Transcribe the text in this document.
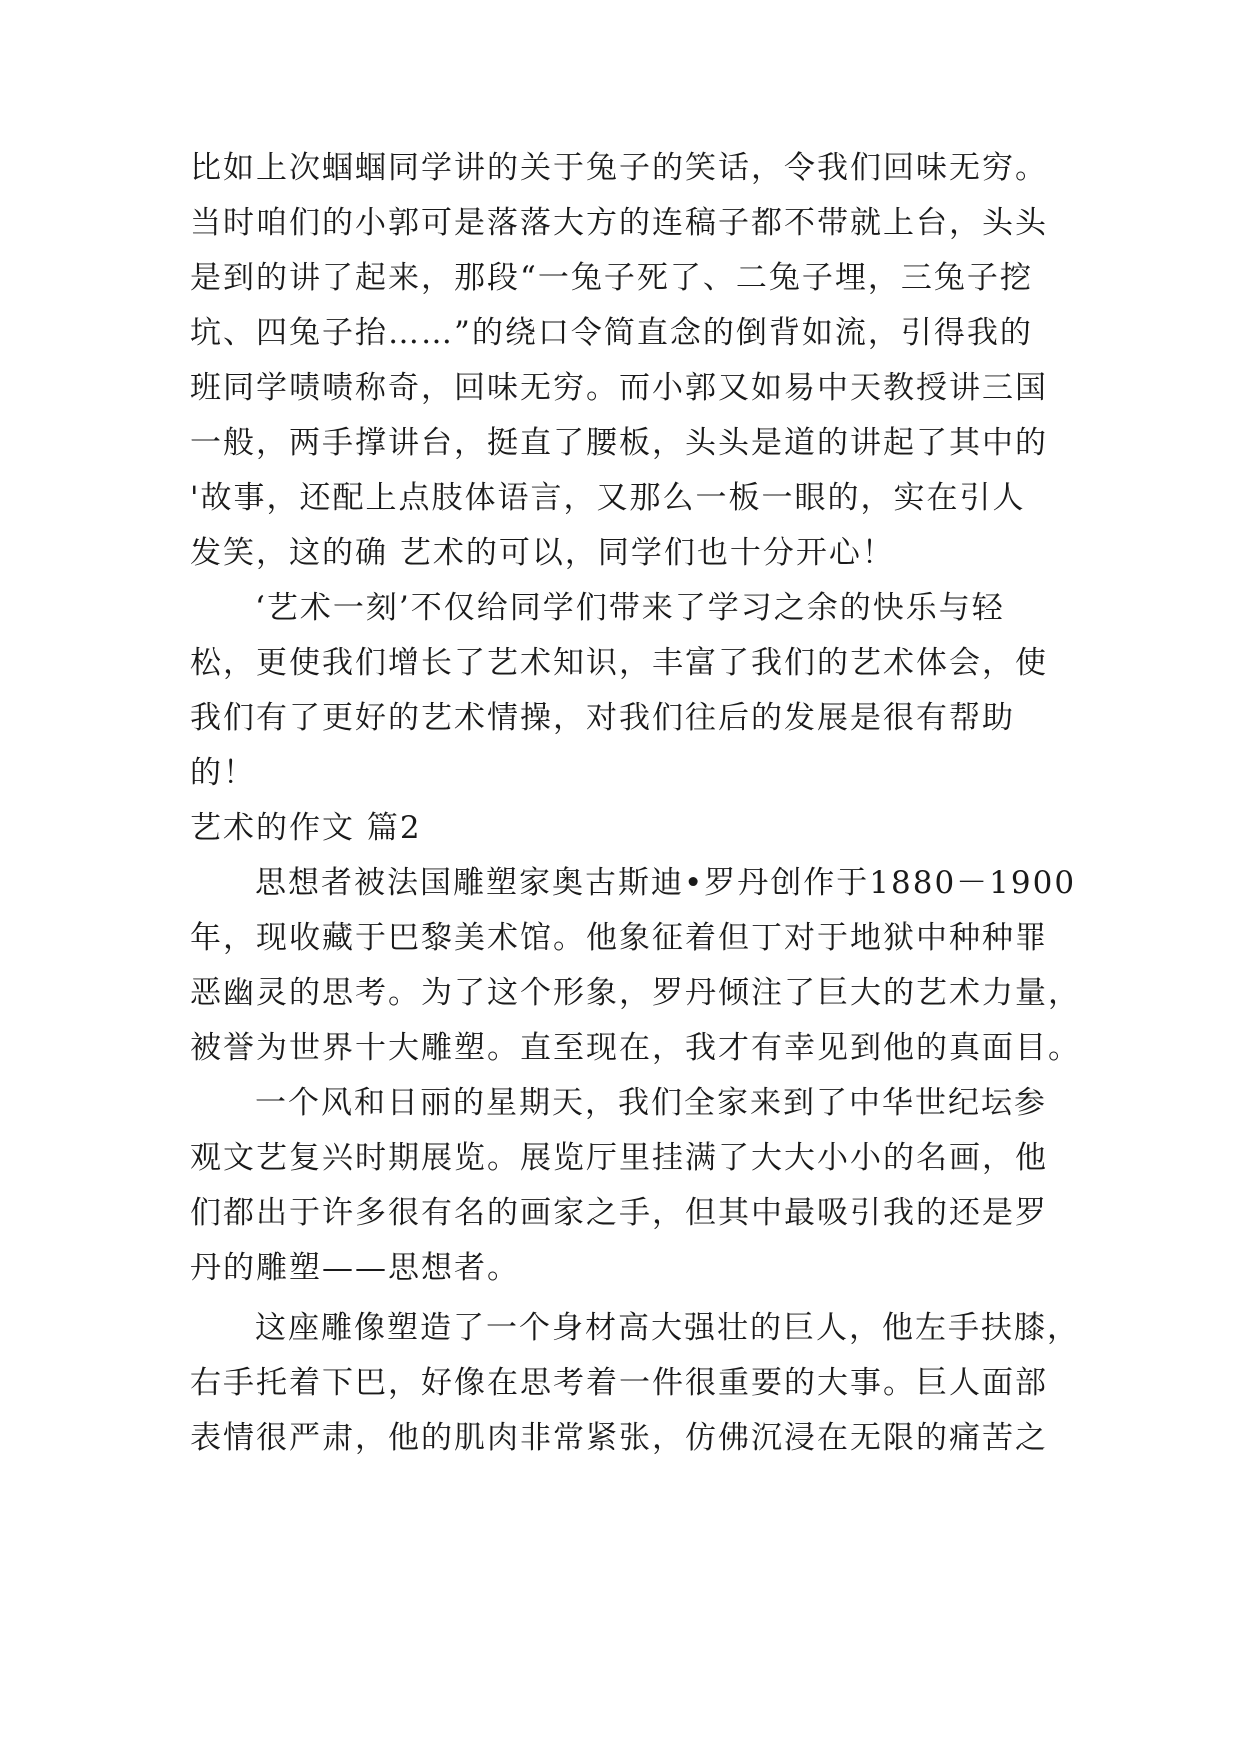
比如上次蝈蝈同学讲的关于兔子的笑话，令我们回味无穷。
当时咱们的小郭可是落落大方的连稿子都不带就上台，头头
是到的讲了起来，那段“一兔子死了、二兔子埋，三兔子挖
坑、四兔子抬……”的绕口令简直念的倒背如流，引得我的
班同学啧啧称奇，回味无穷。而小郭又如易中天教授讲三国
一般，两手撑讲台，挺直了腰板，头头是道的讲起了其中的
'故事，还配上点肢体语言，又那么一板一眼的，实在引人
发笑，这的确 艺术的可以，同学们也十分开心！
‘艺术一刻’不仅给同学们带来了学习之余的快乐与轻
松，更使我们增长了艺术知识，丰富了我们的艺术体会，使
我们有了更好的艺术情操，对我们往后的发展是很有帮助
的！
艺术的作文 篇2
思想者被法国雕塑家奥古斯迪•罗丹创作于1880－1900
年，现收藏于巴黎美术馆。他象征着但丁对于地狱中种种罪
恶幽灵的思考。为了这个形象，罗丹倾注了巨大的艺术力量，
被誉为世界十大雕塑。直至现在，我才有幸见到他的真面目。
一个风和日丽的星期天，我们全家来到了中华世纪坛参
观文艺复兴时期展览。展览厅里挂满了大大小小的名画，他
们都出于许多很有名的画家之手，但其中最吸引我的还是罗
丹的雕塑——思想者。
这座雕像塑造了一个身材高大强壮的巨人，他左手扶膝，
右手托着下巴，好像在思考着一件很重要的大事。巨人面部
表情很严肃，他的肌肉非常紧张，仿佛沉浸在无限的痛苦之
